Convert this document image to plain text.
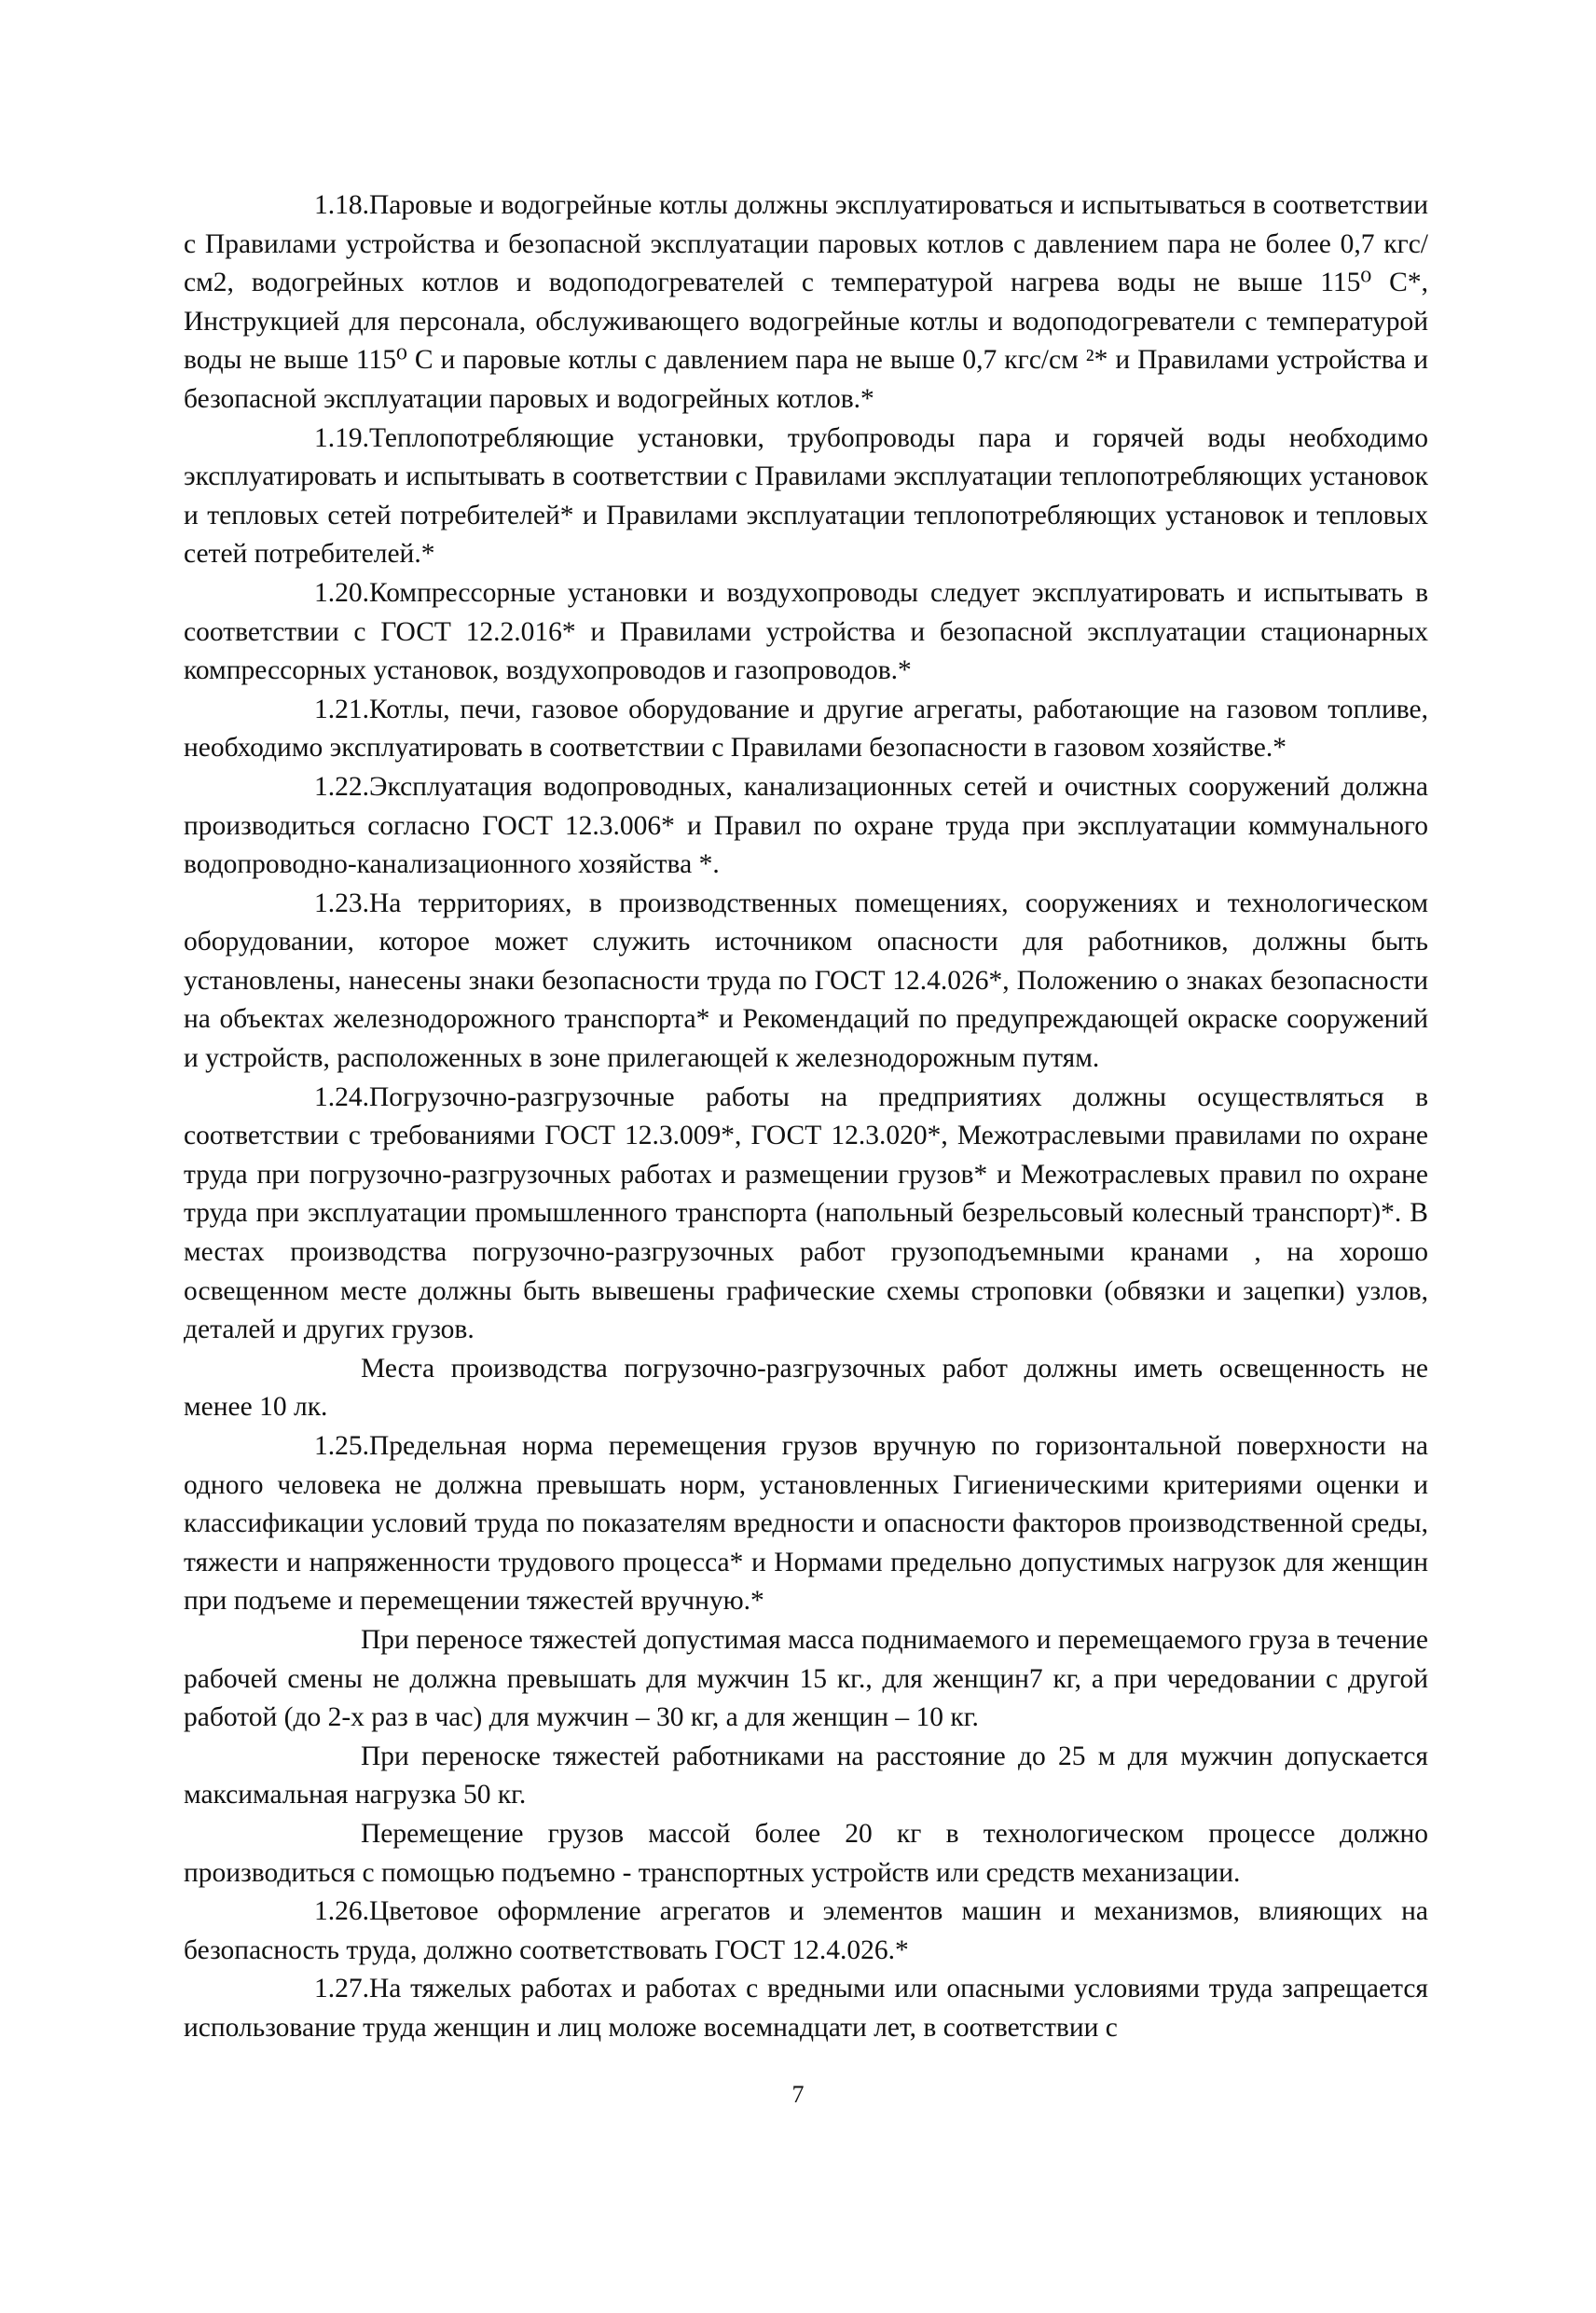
1.18.Паровые и водогрейные котлы должны эксплуатироваться и испытываться в соответствии с Правилами устройства и безопасной эксплуатации паровых котлов с давлением пара не более 0,7 кгс/см2, водогрейных котлов и водоподогревателей с температурой нагрева воды не выше 115⁰ С*, Инструкцией для персонала, обслуживающего водогрейные котлы и водоподогреватели с температурой воды не выше 115⁰ С и паровые котлы с давлением пара не выше 0,7 кгс/см ²* и Правилами устройства и безопасной эксплуатации паровых и водогрейных котлов.*

1.19.Теплопотребляющие установки, трубопроводы пара и горячей воды необходимо эксплуатировать и испытывать в соответствии с Правилами эксплуатации теплопотребляющих установок и тепловых сетей потребителей* и Правилами эксплуатации теплопотребляющих установок и тепловых сетей потребителей.*

1.20.Компрессорные установки и воздухопроводы следует эксплуатировать и испытывать в соответствии с ГОСТ 12.2.016* и Правилами устройства и безопасной эксплуатации стационарных компрессорных установок, воздухопроводов и газопроводов.*

1.21.Котлы, печи, газовое оборудование и другие агрегаты, работающие на газовом топливе, необходимо эксплуатировать в соответствии с Правилами безопасности в газовом хозяйстве.*

1.22.Эксплуатация водопроводных, канализационных сетей и очистных сооружений должна производиться согласно ГОСТ 12.3.006* и Правил по охране труда при эксплуатации коммунального водопроводно-канализационного хозяйства *.

1.23.На территориях, в производственных помещениях, сооружениях и технологическом оборудовании, которое может служить источником опасности для работников, должны быть установлены, нанесены знаки безопасности труда по ГОСТ 12.4.026*, Положению о знаках безопасности на объектах железнодорожного транспорта* и Рекомендаций по предупреждающей окраске сооружений и устройств, расположенных в зоне прилегающей к железнодорожным путям.

1.24.Погрузочно-разгрузочные работы на предприятиях должны осуществляться в соответствии с требованиями ГОСТ 12.3.009*, ГОСТ 12.3.020*, Межотраслевыми правилами по охране труда при погрузочно-разгрузочных работах и размещении грузов* и Межотраслевых правил по охране труда при эксплуатации промышленного транспорта (напольный безрельсовый колесный транспорт)*. В местах производства погрузочно-разгрузочных работ грузоподъемными кранами , на хорошо освещенном месте должны быть вывешены графические схемы строповки (обвязки и зацепки) узлов, деталей и других грузов.

Места производства погрузочно-разгрузочных работ должны иметь освещенность не менее 10 лк.

1.25.Предельная норма перемещения грузов вручную по горизонтальной поверхности на одного человека не должна превышать норм, установленных Гигиеническими критериями оценки и классификации условий труда по показателям вредности и опасности факторов производственной среды, тяжести и напряженности трудового процесса* и Нормами предельно допустимых нагрузок для женщин при подъеме и перемещении тяжестей вручную.*

При переносе тяжестей допустимая масса поднимаемого и перемещаемого груза в течение рабочей смены не должна превышать для мужчин 15 кг., для женщин7 кг, а при чередовании с другой работой (до 2-х раз в час) для мужчин – 30 кг, а для женщин – 10 кг.

При переноске тяжестей работниками на расстояние до 25 м для мужчин допускается максимальная нагрузка 50 кг.

Перемещение грузов массой более 20 кг в технологическом процессе должно производиться с помощью подъемно - транспортных устройств или средств механизации.

1.26.Цветовое оформление агрегатов и элементов машин и механизмов, влияющих на безопасность труда, должно соответствовать ГОСТ 12.4.026.*

1.27.На тяжелых работах и работах с вредными или опасными условиями труда запрещается использование труда женщин и лиц моложе восемнадцати лет, в соответствии с

7
